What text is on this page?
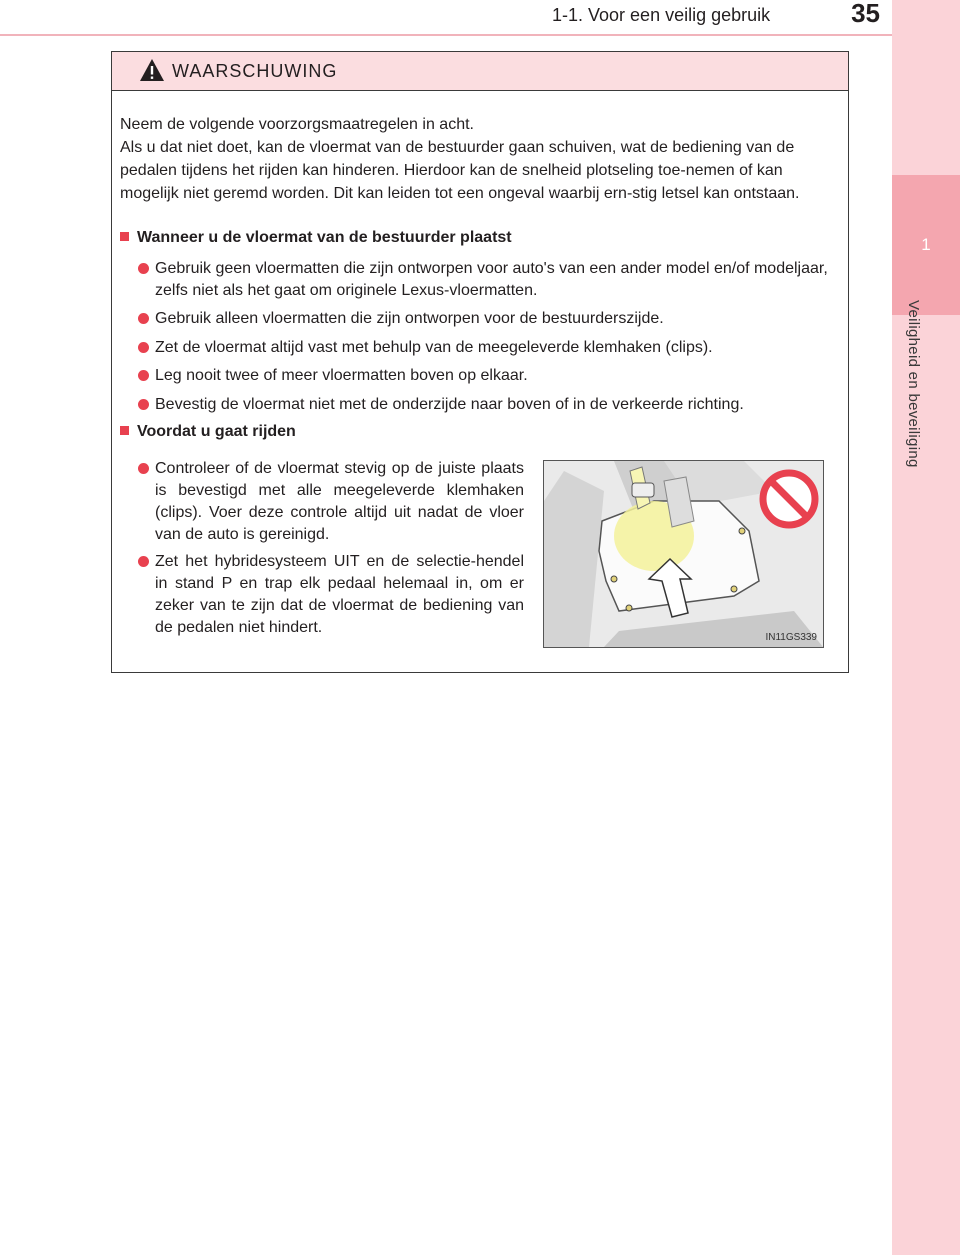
1
Veiligheid en beveiliging
1-1. Voor een veilig gebruik	35
WAARSCHUWING
Neem de volgende voorzorgsmaatregelen in acht.
Als u dat niet doet, kan de vloermat van de bestuurder gaan schuiven, wat de bediening van de pedalen tijdens het rijden kan hinderen. Hierdoor kan de snelheid plotseling toe-nemen of kan mogelijk niet geremd worden. Dit kan leiden tot een ongeval waarbij ern-stig letsel kan ontstaan.
Wanneer u de vloermat van de bestuurder plaatst
Gebruik geen vloermatten die zijn ontworpen voor auto's van een ander model en/of modeljaar, zelfs niet als het gaat om originele Lexus-vloermatten.
Gebruik alleen vloermatten die zijn ontworpen voor de bestuurderszijde.
Zet de vloermat altijd vast met behulp van de meegeleverde klemhaken (clips).
Leg nooit twee of meer vloermatten boven op elkaar.
Bevestig de vloermat niet met de onderzijde naar boven of in de verkeerde richting.
Voordat u gaat rijden
Controleer of de vloermat stevig op de juiste plaats is bevestigd met alle meegeleverde klemhaken (clips). Voer deze controle altijd uit nadat de vloer van de auto is gereinigd.
Zet het hybridesysteem UIT en de selectie-hendel in stand P en trap elk pedaal helemaal in, om er zeker van te zijn dat de vloermat de bediening van de pedalen niet hindert.
IN11GS339
